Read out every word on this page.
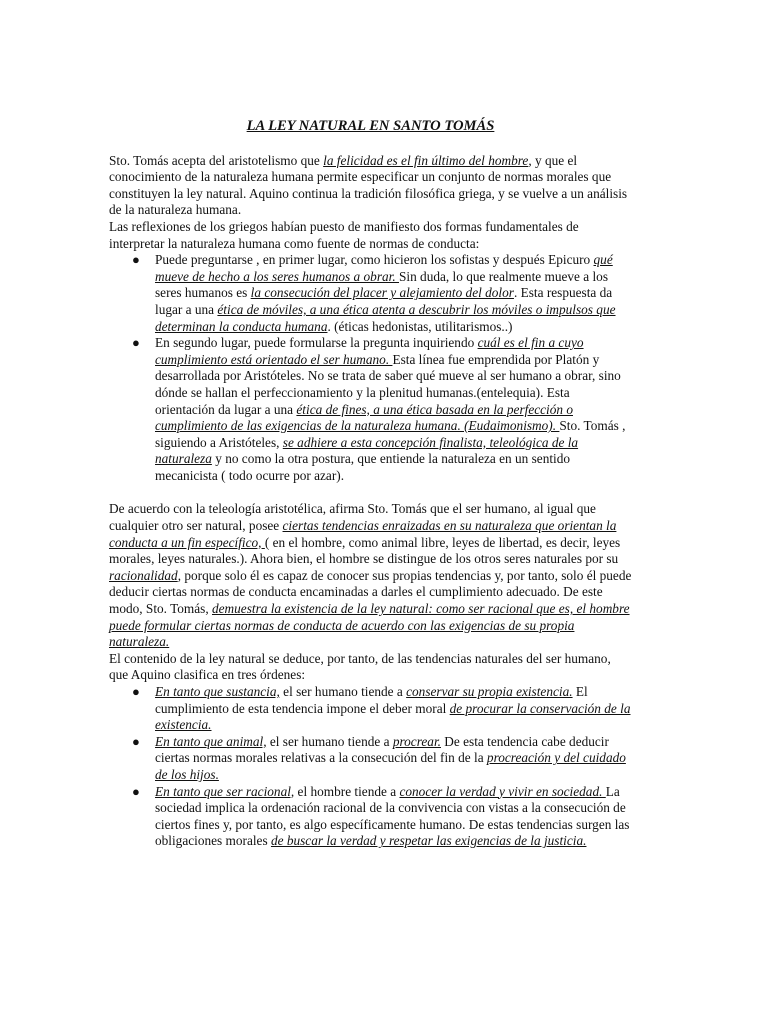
LA LEY NATURAL EN SANTO TOMÁS

Sto. Tomás acepta del aristotelismo que la felicidad es el fin último del hombre, y que el conocimiento de la naturaleza humana permite especificar un conjunto de normas morales que constituyen la ley natural. Aquino continua la tradición filosófica griega, y se vuelve a un análisis de la naturaleza humana.

Las reflexiones de los griegos habían puesto de manifiesto dos formas fundamentales de interpretar la naturaleza humana como fuente de normas de conducta:

● Puede preguntarse , en primer lugar, como hicieron los sofistas y después Epicuro qué mueve de hecho a los seres humanos a obrar. Sin duda, lo que realmente mueve a los seres humanos es la consecución del placer y alejamiento del dolor. Esta respuesta da lugar a una ética de móviles, a una ética atenta a descubrir los móviles o impulsos que determinan la conducta humana. (éticas hedonistas, utilitarismos..)
● En segundo lugar, puede formularse la pregunta inquiriendo cuál es el fin a cuyo cumplimiento está orientado el ser humano. Esta línea fue emprendida por Platón y desarrollada por Aristóteles. No se trata de saber qué mueve al ser humano a obrar, sino dónde se hallan el perfeccionamiento y la plenitud humanas.(entelequia). Esta orientación da lugar a una ética de fines, a una ética basada en la perfección o cumplimiento de las exigencias de la naturaleza humana. (Eudaimonismo). Sto. Tomás , siguiendo a Aristóteles, se adhiere a esta concepción finalista, teleológica de la naturaleza y no como la otra postura, que entiende la naturaleza en un sentido mecanicista ( todo ocurre por azar).

De acuerdo con la teleología aristotélica, afirma Sto. Tomás que el ser humano, al igual que cualquier otro ser natural, posee ciertas tendencias enraizadas en su naturaleza que orientan la conducta a un fin específico, ( en el hombre, como animal libre, leyes de libertad, es decir, leyes morales, leyes naturales.). Ahora bien, el hombre se distingue de los otros seres naturales por su racionalidad, porque solo él es capaz de conocer sus propias tendencias y, por tanto, solo él puede deducir ciertas normas de conducta encaminadas a darles el cumplimiento adecuado. De este modo, Sto. Tomás, demuestra la existencia de la ley natural: como ser racional que es, el hombre puede formular ciertas normas de conducta de acuerdo con las exigencias de su propia naturaleza.

El contenido de la ley natural se deduce, por tanto, de las tendencias naturales del ser humano, que Aquino clasifica en tres órdenes:

● En tanto que sustancia, el ser humano tiende a conservar su propia existencia. El cumplimiento de esta tendencia impone el deber moral de procurar la conservación de la existencia.
● En tanto que animal, el ser humano tiende a procrear. De esta tendencia cabe deducir ciertas normas morales relativas a la consecución del fin de la procreación y del cuidado de los hijos.
● En tanto que ser racional, el hombre tiende a conocer la verdad y vivir en sociedad. La sociedad implica la ordenación racional de la convivencia con vistas a la consecución de ciertos fines y, por tanto, es algo específicamente humano. De estas tendencias surgen las obligaciones morales de buscar la verdad y respetar las exigencias de la justicia.
